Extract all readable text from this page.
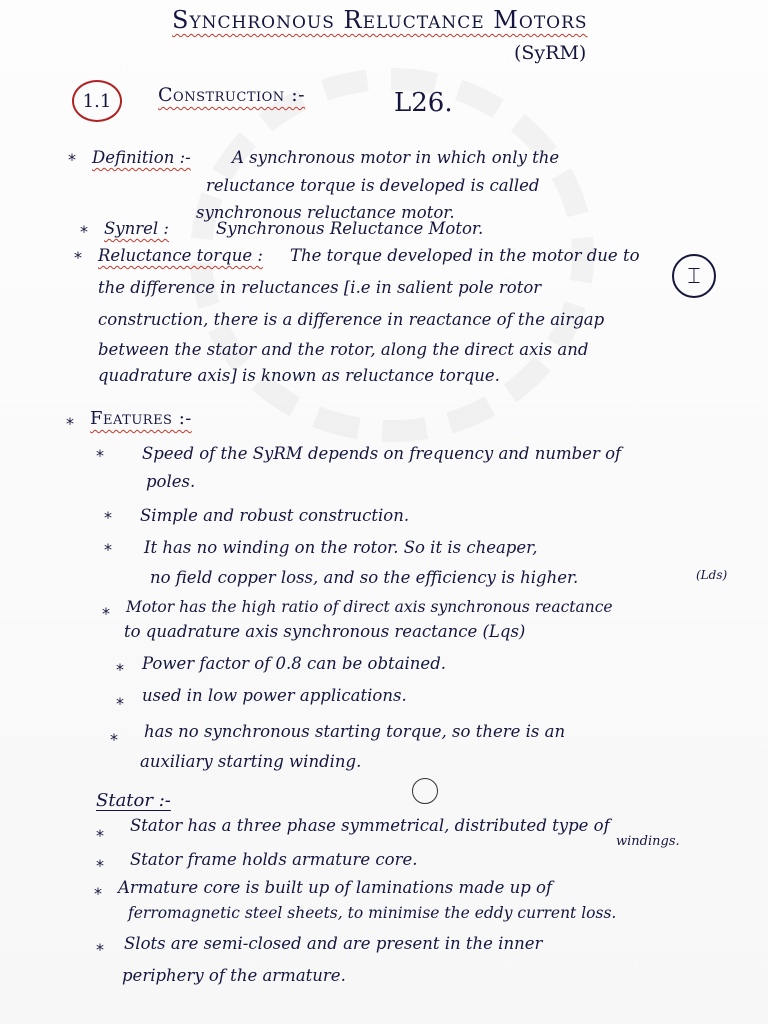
Synchronous Reluctance Motors
(SyRM)
1.1	Construction :-	L26.
* Definition :- A synchronous motor in which only the
reluctance torque is developed is called
synchronous reluctance motor.
* Synrel :	Synchronous Reluctance Motor.
* Reluctance torque : The torque developed in the motor due to
the difference in reluctances [i.e in salient pole rotor	⌶
construction, there is a difference in reactance of the airgap
between the stator and the rotor, along the direct axis and
quadrature axis] is known as reluctance torque.
* Features :-
* Speed of the SyRM depends on frequency and number of
poles.
* Simple and robust construction.
* It has no winding on the rotor. So it is cheaper,
no field copper loss, and so the efficiency is higher.	(Lds)
* Motor has the high ratio of direct axis synchronous reactance
to quadrature axis synchronous reactance (Lqs)
* Power factor of 0.8 can be obtained.
* used in low power applications.
* has no synchronous starting torque, so there is an
auxiliary starting winding.
Stator :-
*
Stator has a three phase symmetrical, distributed type of
windings.
* Stator frame holds armature core.
* Armature core is built up of laminations made up of
ferromagnetic steel sheets, to minimise the eddy current loss.
* Slots are semi-closed and are present in the inner
periphery of the armature.
